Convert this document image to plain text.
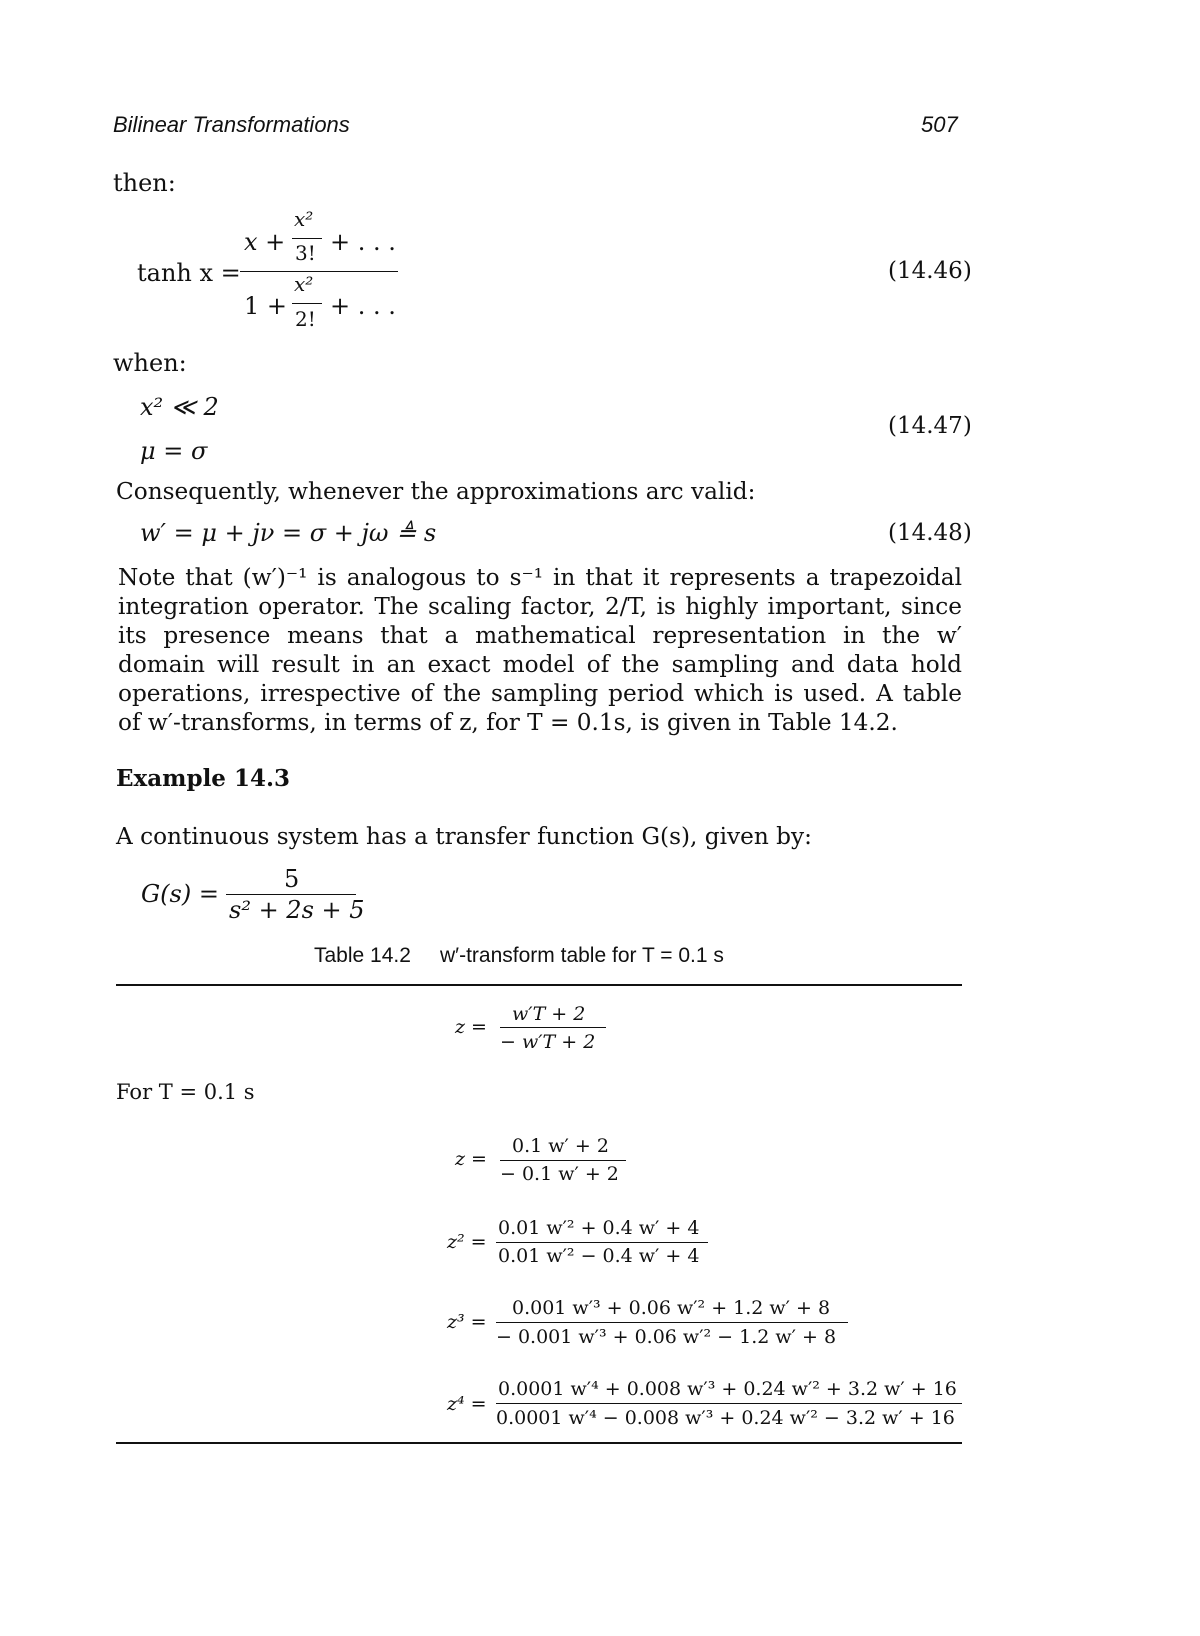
Bilinear Transformations	507
then:
tanh x =
x +
x²
3! + . . .
1 +
x²
2! + . . .
(14.46)
when:
x² ≪ 2
μ = σ
(14.47)
Consequently, whenever the approximations arc valid:
w′ = μ + jν = σ + jω ≜ s	(14.48)
Note that (w′)⁻¹ is analogous to s⁻¹ in that it represents a trapezoidal integration operator. The scaling factor, 2/T, is highly important, since its presence means that a mathematical representation in the w′ domain will result in an exact model of the sampling and data hold operations, irrespective of the sampling period which is used. A table of w′-transforms, in terms of z, for T = 0.1s, is given in Table 14.2.
Example 14.3
A continuous system has a transfer function G(s), given by:
G(s) =
5
s² + 2s + 5
Table 14.2 w′-transform table for T = 0.1 s
z =
w′T + 2
− w′T + 2
For T = 0.1 s
z =
0.1 w′ + 2
− 0.1 w′ + 2
z² =
0.01 w′² + 0.4 w′ + 4
0.01 w′² − 0.4 w′ + 4
z³ =
0.001 w′³ + 0.06 w′² + 1.2 w′ + 8
− 0.001 w′³ + 0.06 w′² − 1.2 w′ + 8
z⁴ =
0.0001 w′⁴ + 0.008 w′³ + 0.24 w′² + 3.2 w′ + 16
0.0001 w′⁴ − 0.008 w′³ + 0.24 w′² − 3.2 w′ + 16
